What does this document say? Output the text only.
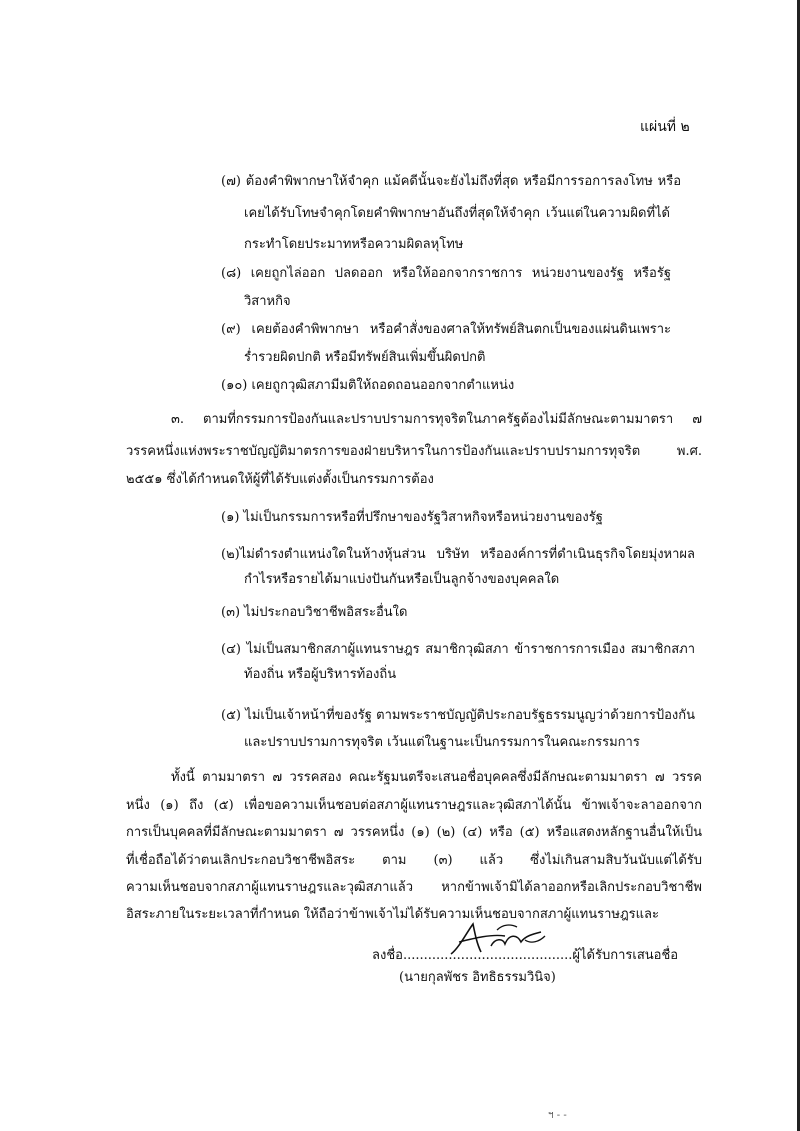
แผ่นที่ ๒
(๗) ต้องคำพิพากษาให้จำคุก แม้คดีนั้นจะยังไม่ถึงที่สุด หรือมีการรอการลงโทษ หรือ
เคยได้รับโทษจำคุกโดยคำพิพากษาอันถึงที่สุดให้จำคุก เว้นแต่ในความผิดที่ได้
กระทำโดยประมาทหรือความผิดลหุโทษ
(๘) เคยถูกไล่ออก ปลดออก หรือให้ออกจากราชการ หน่วยงานของรัฐ หรือรัฐ
วิสาหกิจ
(๙) เคยต้องคำพิพากษา หรือคำสั่งของศาลให้ทรัพย์สินตกเป็นของแผ่นดินเพราะ
ร่ำรวยผิดปกติ หรือมีทรัพย์สินเพิ่มขึ้นผิดปกติ
(๑๐) เคยถูกวุฒิสภามีมติให้ถอดถอนออกจากตำแหน่ง
๓. ตามที่กรรมการป้องกันและปราบปรามการทุจริตในภาครัฐต้องไม่มีลักษณะตามมาตรา ๗
วรรคหนึ่งแห่งพระราชบัญญัติมาตรการของฝ่ายบริหารในการป้องกันและปราบปรามการทุจริต พ.ศ.
๒๕๕๑ ซึ่งได้กำหนดให้ผู้ที่ได้รับแต่งตั้งเป็นกรรมการต้อง
(๑) ไม่เป็นกรรมการหรือที่ปรึกษาของรัฐวิสาหกิจหรือหน่วยงานของรัฐ
(๒)ไม่ดำรงตำแหน่งใดในห้างหุ้นส่วน บริษัท หรือองค์การที่ดำเนินธุรกิจโดยมุ่งหาผล
กำไรหรือรายได้มาแบ่งปันกันหรือเป็นลูกจ้างของบุคคลใด
(๓) ไม่ประกอบวิชาชีพอิสระอื่นใด
(๔) ไม่เป็นสมาชิกสภาผู้แทนราษฎร สมาชิกวุฒิสภา ข้าราชการการเมือง สมาชิกสภา
ท้องถิ่น หรือผู้บริหารท้องถิ่น
(๕) ไม่เป็นเจ้าหน้าที่ของรัฐ ตามพระราชบัญญัติประกอบรัฐธรรมนูญว่าด้วยการป้องกัน
และปราบปรามการทุจริต เว้นแต่ในฐานะเป็นกรรมการในคณะกรรมการ
ทั้งนี้ ตามมาตรา ๗ วรรคสอง คณะรัฐมนตรีจะเสนอชื่อบุคคลซึ่งมีลักษณะตามมาตรา ๗ วรรค
หนึ่ง (๑) ถึง (๕) เพื่อขอความเห็นชอบต่อสภาผู้แทนราษฎรและวุฒิสภาได้นั้น ข้าพเจ้าจะลาออกจาก
การเป็นบุคคลที่มีลักษณะตามมาตรา ๗ วรรคหนึ่ง (๑) (๒) (๔) หรือ (๕) หรือแสดงหลักฐานอื่นให้เป็น
ที่เชื่อถือได้ว่าตนเลิกประกอบวิชาชีพอิสระ ตาม (๓) แล้ว ซึ่งไม่เกินสามสิบวันนับแต่ได้รับ
ความเห็นชอบจากสภาผู้แทนราษฎรและวุฒิสภาแล้ว หากข้าพเจ้ามิได้ลาออกหรือเลิกประกอบวิชาชีพ
อิสระภายในระยะเวลาที่กำหนด ให้ถือว่าข้าพเจ้าไม่ได้รับความเห็นชอบจากสภาผู้แทนราษฎรและ
ลงชื่อ.........................................ผู้ได้รับการเสนอชื่อ
(นายกุลพัชร อิทธิธรรมวินิจ)
ฯ - -
